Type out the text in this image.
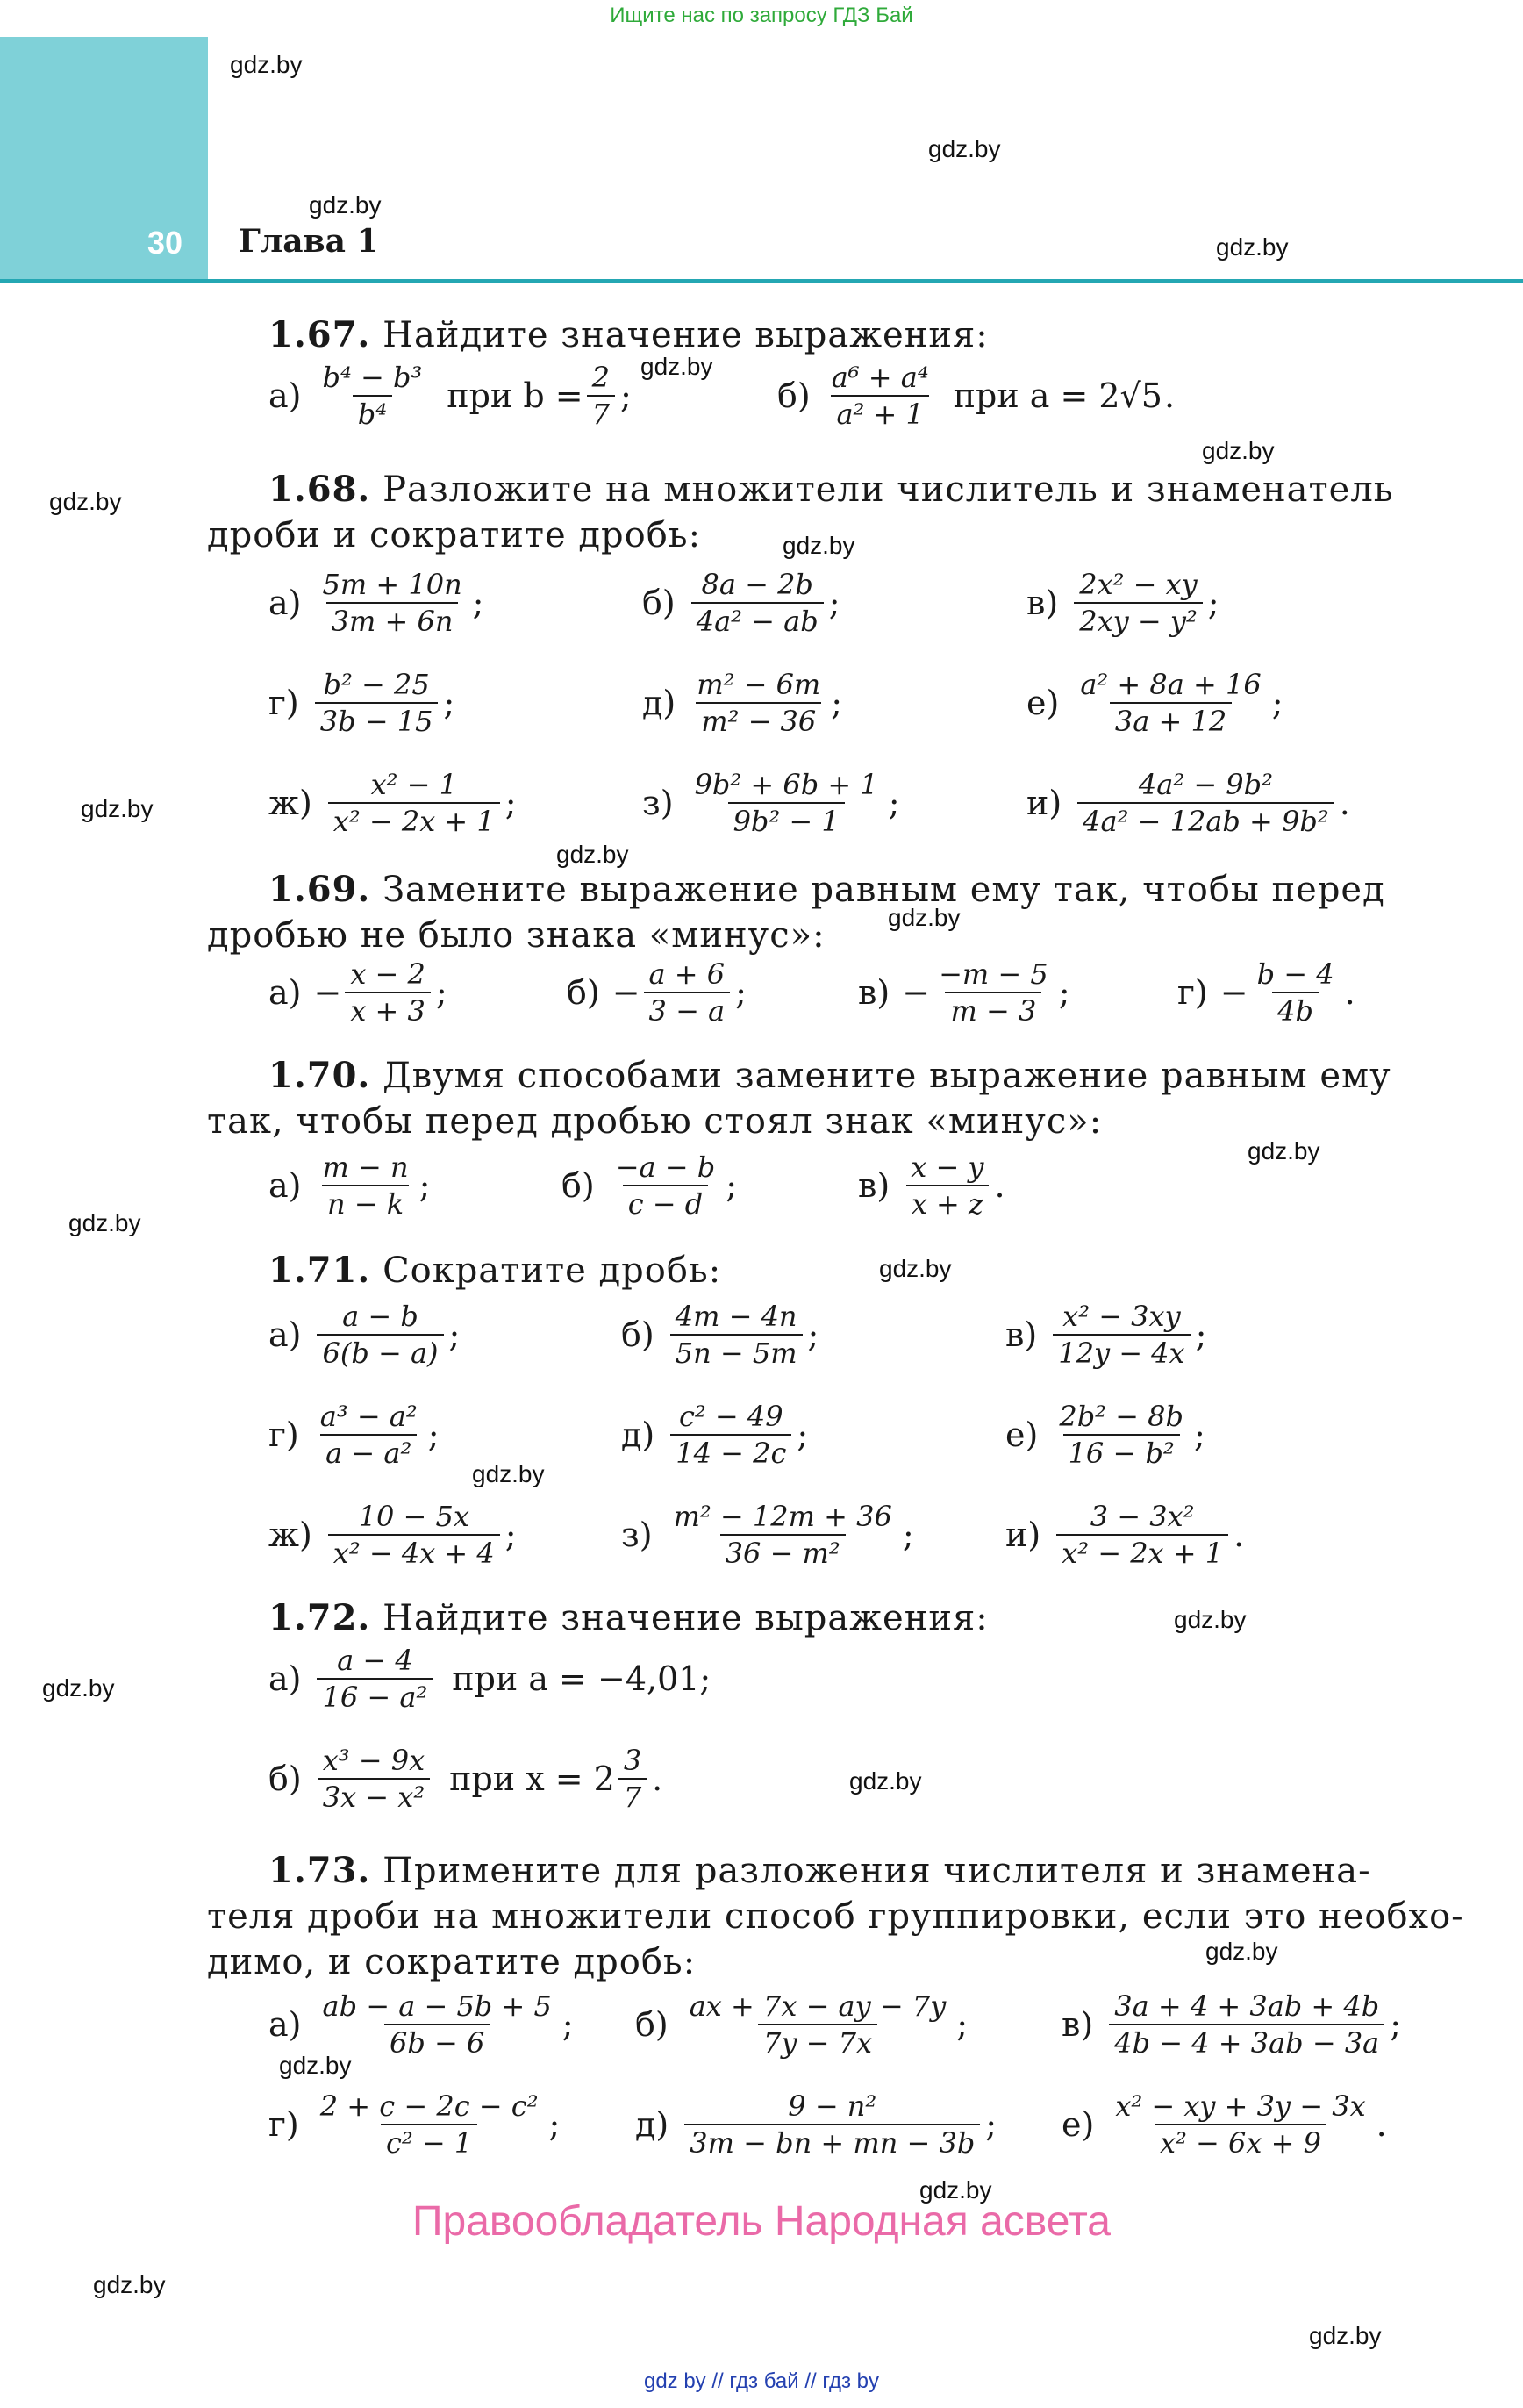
Ищите нас по запросу ГДЗ Бай
30 Глава 1
gdz.by
gdz.by
gdz.by
gdz.by
gdz.by
gdz.by
gdz.by
gdz.by
gdz.by
gdz.by
gdz.by
gdz.by
gdz.by
gdz.by
gdz.by
gdz.by
gdz.by
gdz.by
gdz.by
gdz.by
gdz.by
gdz.by
gdz.by
1.67. Найдите значение выражения:
$а) \frac{\text{b⁴ − b³}}{\text{b⁴}}$ при $b = \frac{2}{7}$ ;	$б) \frac{\text{a⁶ + a⁴}}{\text{a² + 1}}$ при a = 2√5 .
1.68. Разложите на множители числитель и знаменатель
дроби и сократите дробь:
$а) \frac{5m + 10n}{3m + 6n}$ ;	$б) \frac{8a - 2b}{\text{4a² − ab}}$ ;	$в) \frac{\text{2x² − xy}}{\text{2xy − y²}}$ ;
$г) \frac{\text{b² − 25}}{3b - 15}$ ;	$д) \frac{\text{m² − 6m}}{\text{m² − 36}}$ ;	$е) \frac{\text{a² + 8a + 16}}{3a + 12}$ ;
$ж) \frac{\text{x² − 1}}{\text{x² − 2x + 1}}$ ;	$з) \frac{\text{9b² + 6b + 1}}{\text{9b² − 1}}$ ;	$и) \frac{\text{4a² − 9b²}}{\text{4a² − 12ab + 9b²}}$ .
1.69. Замените выражение равным ему так, чтобы перед
дробью не было знака «минус»:
$а) - \frac{x - 2}{x + 3}$ ;	$б) - \frac{a + 6}{3 - a}$ ;	$в) - \frac{-m - 5}{m - 3}$ ;	$г) - \frac{b - 4}{4b}$ .
1.70. Двумя способами замените выражение равным ему
так, чтобы перед дробью стоял знак «минус»:
$а) \frac{m - n}{n - k}$ ;	$б) \frac{-a - b}{c - d}$ ;	$в) \frac{x - y}{x + z}$ .
1.71. Сократите дробь:
$а) \frac{a - b}{6(b - a)}$ ;	$б) \frac{4m - 4n}{5n - 5m}$ ;	$в) \frac{\text{x² − 3xy}}{12y - 4x}$ ;
$г) \frac{\text{a³ − a²}}{\text{a − a²}}$ ;	$д) \frac{\text{c² − 49}}{14 - 2c}$ ;	$е) \frac{\text{2b² − 8b}}{\text{16 − b²}}$ ;
$ж) \frac{10 - 5x}{\text{x² − 4x + 4}}$ ;	$з) \frac{\text{m² − 12m + 36}}{\text{36 − m²}}$ ;	$и) \frac{\text{3 − 3x²}}{\text{x² − 2x + 1}}$ .
1.72. Найдите значение выражения:
$а) \frac{a - 4}{\text{16 − a²}}$ при a = −4,01;
$б) \frac{\text{x³ − 9x}}{\text{3x − x²}}$ при $x = 2 \frac{3}{7}$ .
1.73. Примените для разложения числителя и знамена-
теля дроби на множители способ группировки, если это необхо-
димо, и сократите дробь:
$а) \frac{ab - a - 5b + 5}{6b - 6}$ ; $б) \frac{ax + 7x - ay - 7y}{7y - 7x}$ ;	$в) \frac{3a + 4 + 3ab + 4b}{4b - 4 + 3ab - 3a}$ ;
$г) \frac{\text{2 + c − 2c − c²}}{\text{c² − 1}}$ ; $д) \frac{\text{9 − n²}}{3m - bn + mn - 3b}$ ; $е) \frac{\text{x² − xy + 3y − 3x}}{\text{x² − 6x + 9}}$ .
Правообладатель Народная асвета
gdz by // гдз бай // гдз by
